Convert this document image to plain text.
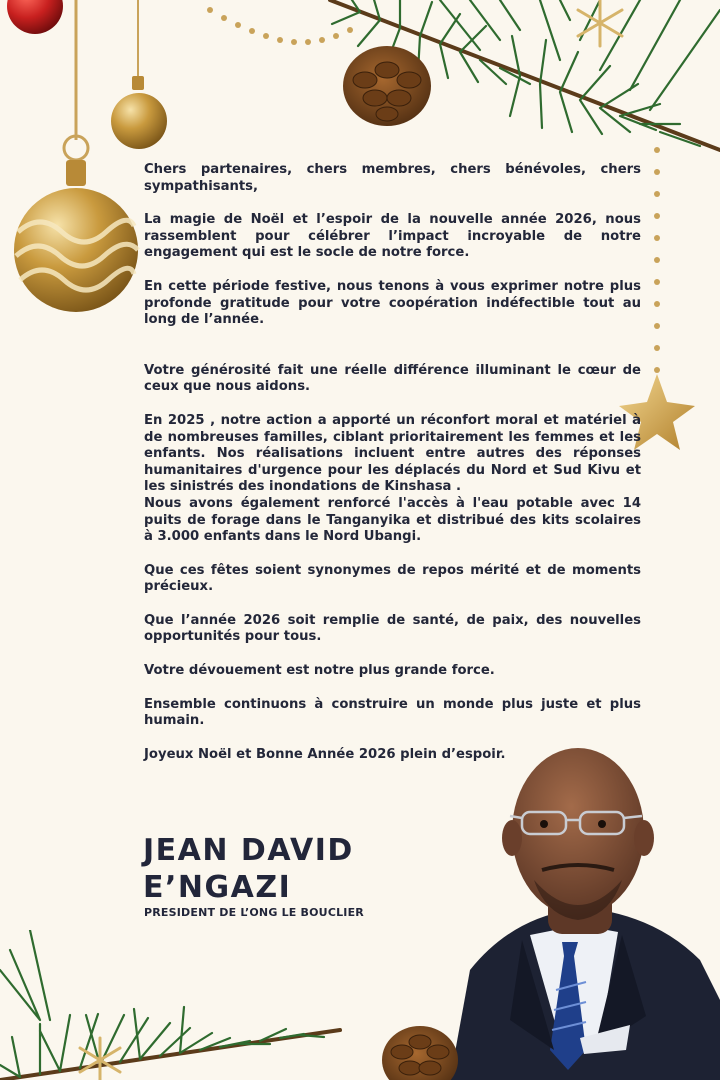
Chers partenaires, chers membres, chers bénévoles, chers sympathisants,

La magie de Noël et l’espoir de la nouvelle année 2026, nous rassemblent pour célébrer l’impact incroyable de notre engagement qui est le socle de notre force.

En cette période festive, nous tenons à vous exprimer notre plus profonde gratitude pour votre coopération indéfectible tout au long de l’année.

Votre générosité fait une réelle différence illuminant le cœur de ceux que nous aidons.

En 2025 , notre action a apporté un réconfort moral et matériel à de nombreuses familles, ciblant prioritairement les femmes et les enfants. Nos réalisations incluent entre autres des réponses humanitaires d'urgence pour les déplacés du Nord et Sud Kivu et les sinistrés des inondations de Kinshasa .
Nous avons également renforcé l'accès à l'eau potable avec 14 puits de forage dans le Tanganyika et distribué des kits scolaires à 3.000 enfants dans le Nord Ubangi.

Que ces fêtes soient synonymes de repos mérité et de moments précieux.

Que l’année 2026 soit remplie de santé, de paix, des nouvelles opportunités pour tous.

Votre dévouement est notre plus grande force.

Ensemble continuons à construire un monde plus juste et plus humain.

Joyeux Noël et Bonne Année 2026 plein d’espoir.

JEAN DAVID
E’NGAZI
PRESIDENT DE L’ONG LE BOUCLIER
